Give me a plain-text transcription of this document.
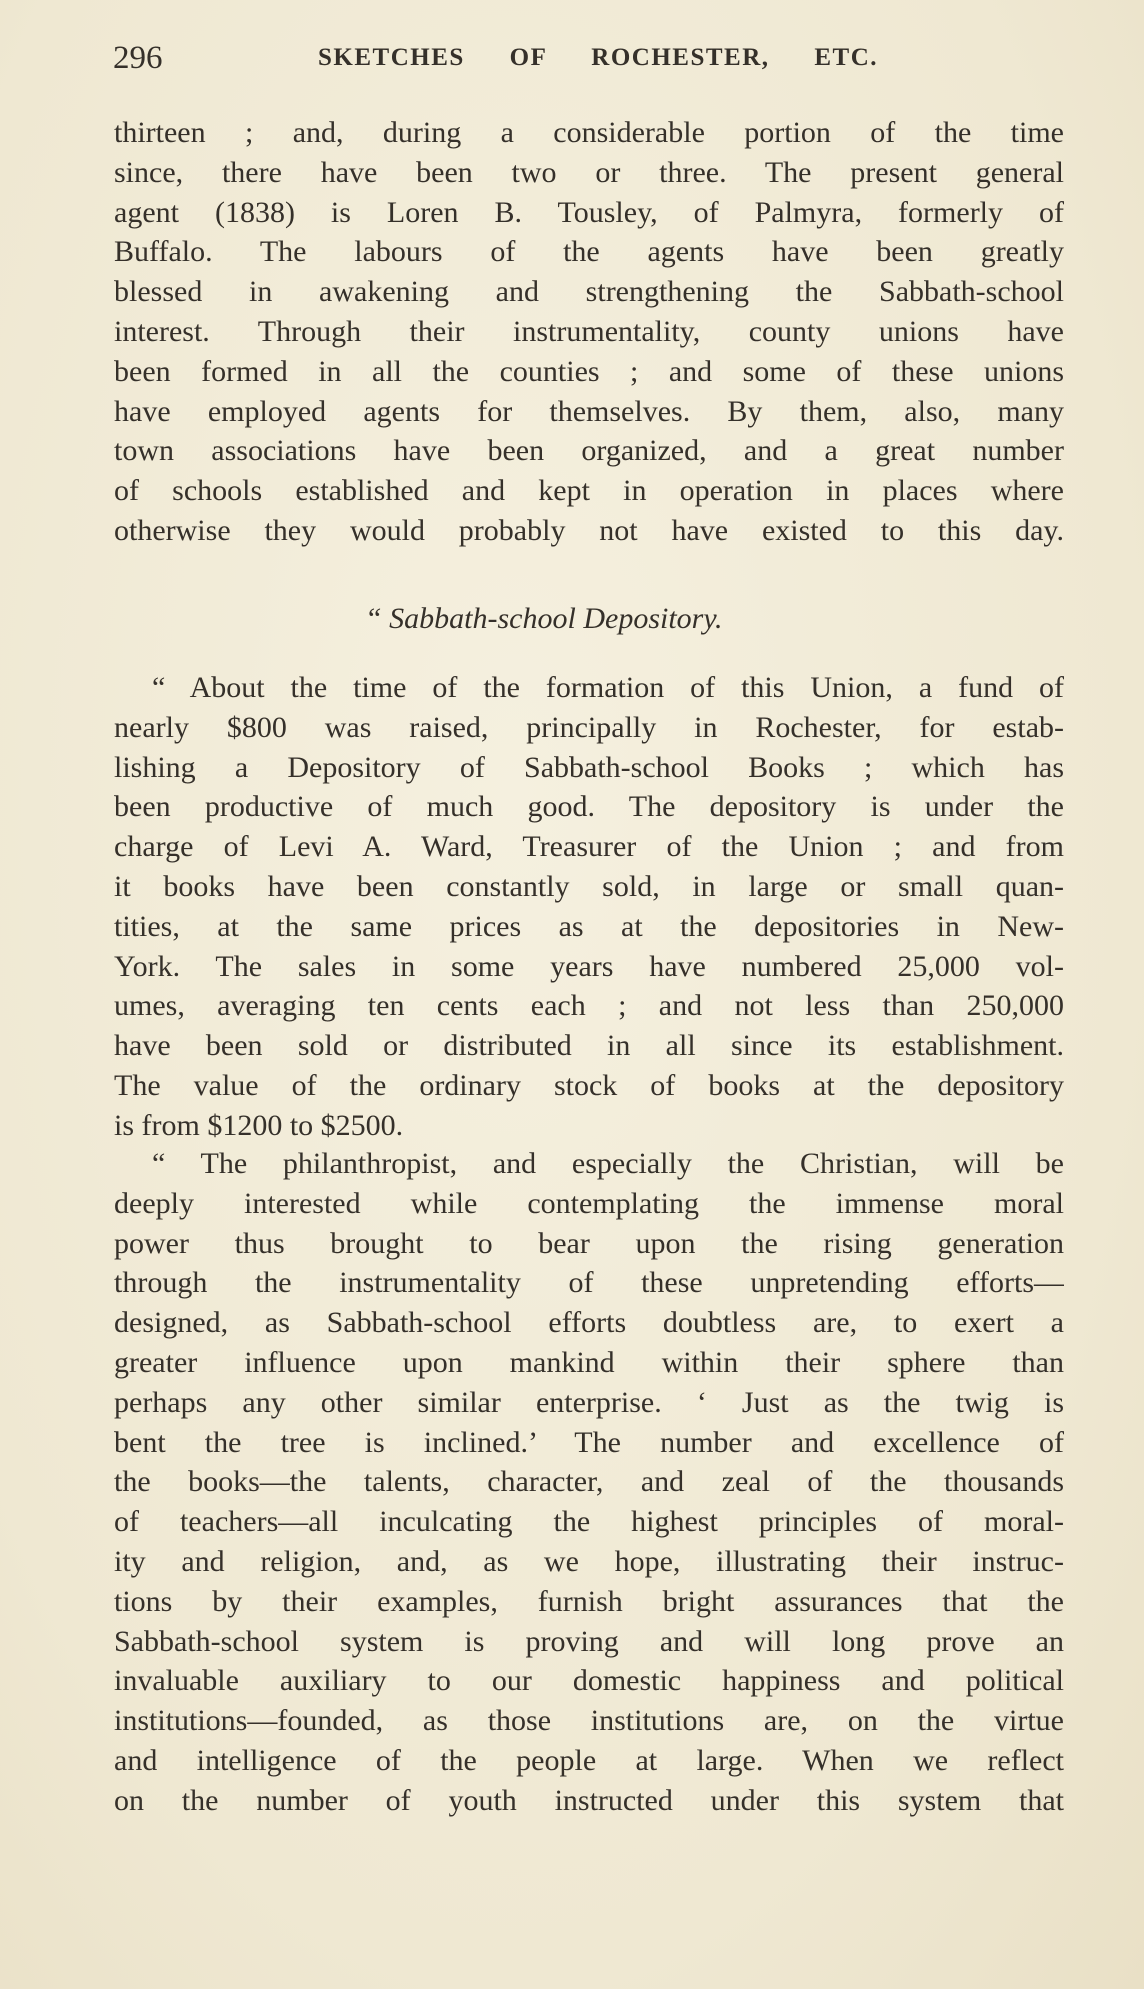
296	SKETCHES OF ROCHESTER, ETC.
thirteen ; and, during a considerable portion of the time
since, there have been two or three. The present general
agent (1838) is Loren B. Tousley, of Palmyra, formerly of
Buffalo. The labours of the agents have been greatly
blessed in awakening and strengthening the Sabbath-school
interest. Through their instrumentality, county unions have
been formed in all the counties ; and some of these unions
have employed agents for themselves. By them, also, many
town associations have been organized, and a great number
of schools established and kept in operation in places where
otherwise they would probably not have existed to this day.
“ Sabbath-school Depository.
“ About the time of the formation of this Union, a fund of
nearly $800 was raised, principally in Rochester, for estab-
lishing a Depository of Sabbath-school Books ; which has
been productive of much good. The depository is under the
charge of Levi A. Ward, Treasurer of the Union ; and from
it books have been constantly sold, in large or small quan-
tities, at the same prices as at the depositories in New-
York. The sales in some years have numbered 25,000 vol-
umes, averaging ten cents each ; and not less than 250,000
have been sold or distributed in all since its establishment.
The value of the ordinary stock of books at the depository
is from $1200 to $2500.
“ The philanthropist, and especially the Christian, will be
deeply interested while contemplating the immense moral
power thus brought to bear upon the rising generation
through the instrumentality of these unpretending efforts—
designed, as Sabbath-school efforts doubtless are, to exert a
greater influence upon mankind within their sphere than
perhaps any other similar enterprise. ‘ Just as the twig is
bent the tree is inclined.’ The number and excellence of
the books—the talents, character, and zeal of the thousands
of teachers—all inculcating the highest principles of moral-
ity and religion, and, as we hope, illustrating their instruc-
tions by their examples, furnish bright assurances that the
Sabbath-school system is proving and will long prove an
invaluable auxiliary to our domestic happiness and political
institutions—founded, as those institutions are, on the virtue
and intelligence of the people at large. When we reflect
on the number of youth instructed under this system that
